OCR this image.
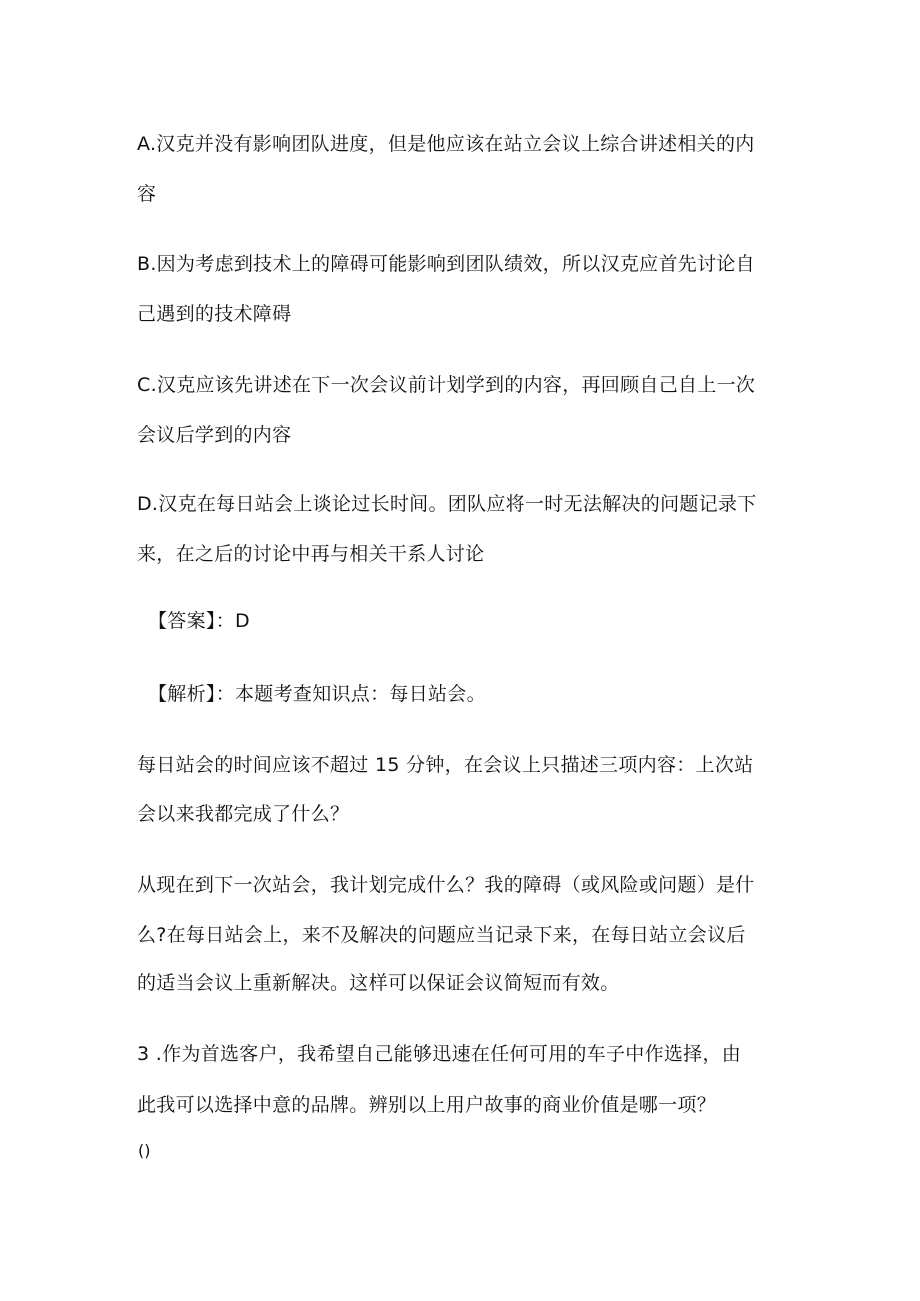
A.汉克并没有影响团队进度，但是他应该在站立会议上综合讲述相关的内
容
B.因为考虑到技术上的障碍可能影响到团队绩效，所以汉克应首先讨论自
己遇到的技术障碍
C.汉克应该先讲述在下一次会议前计划学到的内容，再回顾自己自上一次
会议后学到的内容
D.汉克在每日站会上谈论过长时间。团队应将一时无法解决的问题记录下
来，在之后的讨论中再与相关干系人讨论
【答案】：D
【解析】：本题考查知识点：每日站会。
每日站会的时间应该不超过 15 分钟，在会议上只描述三项内容：上次站
会以来我都完成了什么？
从现在到下一次站会，我计划完成什么？我的障碍（或风险或问题）是什
么?在每日站会上，来不及解决的问题应当记录下来，在每日站立会议后
的适当会议上重新解决。这样可以保证会议简短而有效。
3 .作为首选客户，我希望自己能够迅速在任何可用的车子中作选择，由
此我可以选择中意的品牌。辨别以上用户故事的商业价值是哪一项？
()
